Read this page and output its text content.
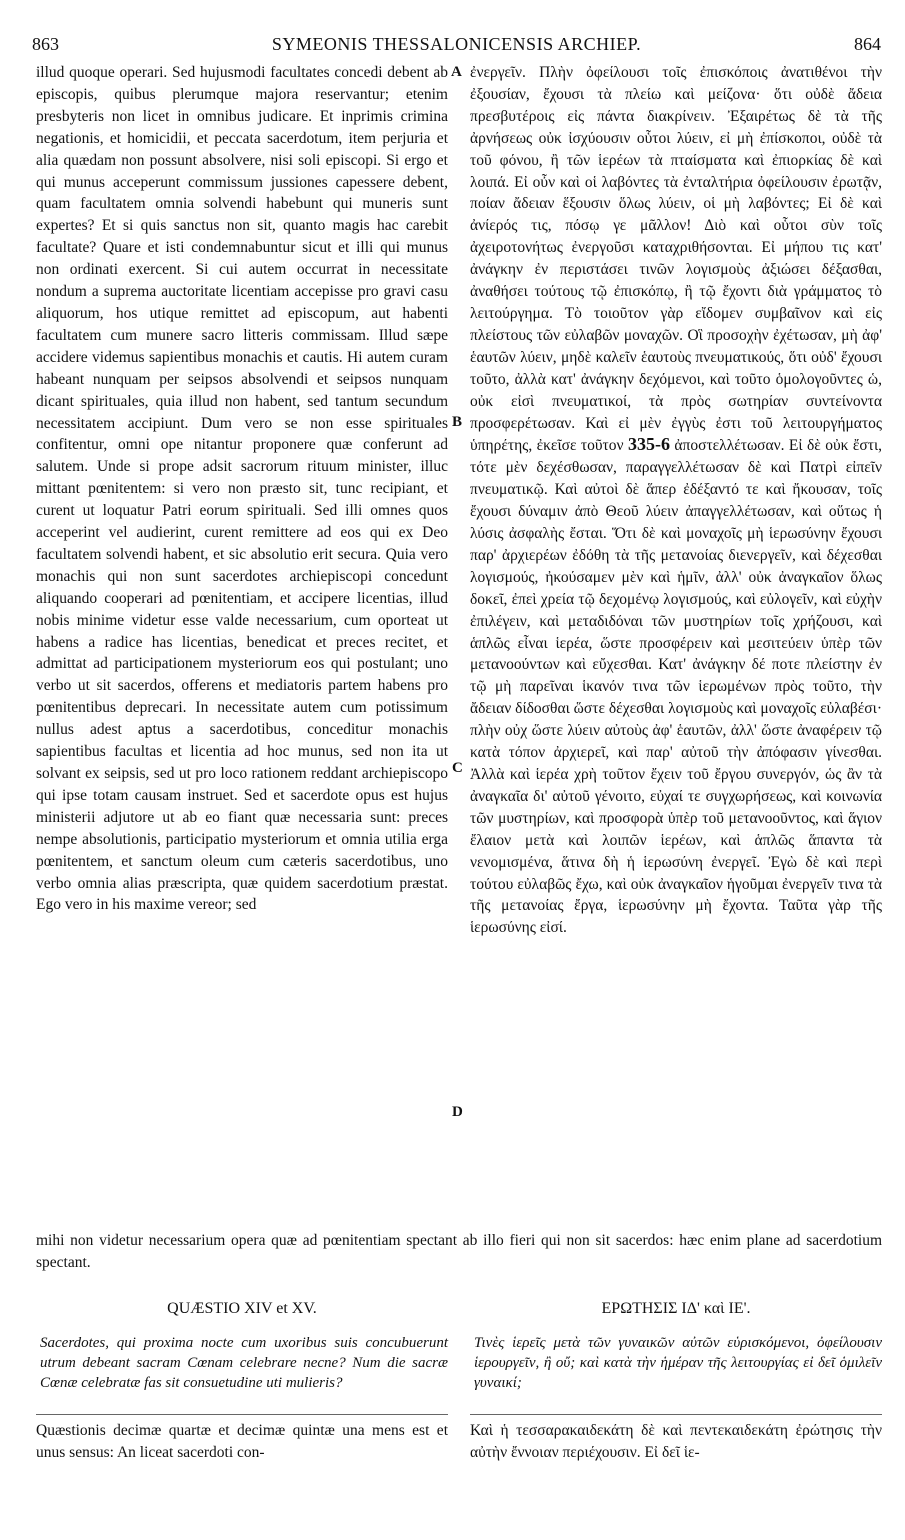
863	SYMEONIS THESSALONICENSIS ARCHIEP.	864

illud quoque operari. Sed hujusmodi facultates concedi debent ab episcopis, quibus plerumque majora reservantur; etenim presbyteris non licet in omnibus judicare. Et inprimis crimina negationis, et homicidii, et peccata sacerdotum, item perjuria et alia quædam non possunt absolvere, nisi soli episcopi. Si ergo et qui munus acceperunt commissum jussiones capessere debent, quam facultatem omnia solvendi habebunt qui muneris sunt expertes? Et si quis sanctus non sit, quanto magis hac carebit facultate? Quare et isti condemnabuntur sicut et illi qui munus non ordinati exercent. Si cui autem occurrat in necessitate nondum a suprema auctoritate licentiam accepisse pro gravi casu aliquorum, hos utique remittet ad episcopum, aut habenti facultatem cum munere sacro litteris commissam. Illud sæpe accidere videmus sapientibus monachis et cautis. Hi autem curam habeant nunquam per seipsos absolvendi et seipsos nunquam dicant spirituales, quia illud non habent, sed tantum secundum necessitatem accipiunt. Dum vero se non esse spirituales confitentur, omni ope nitantur proponere quæ conferunt ad salutem. Unde si prope adsit sacrorum rituum minister, illuc mittant pœnitentem: si vero non præsto sit, tunc recipiant, et curent ut loquatur Patri eorum spirituali. Sed illi omnes quos acceperint vel audierint, curent remittere ad eos qui ex Deo facultatem solvendi habent, et sic absolutio erit secura. Quia vero monachis qui non sunt sacerdotes archiepiscopi concedunt aliquando cooperari ad pœnitentiam, et accipere licentias, illud nobis minime videtur esse valde necessarium, cum oporteat ut habens a radice has licentias, benedicat et preces recitet, et admittat ad participationem mysteriorum eos qui postulant; uno verbo ut sit sacerdos, offerens et mediatoris partem habens pro pœnitentibus deprecari. In necessitate autem cum potissimum nullus adest aptus a sacerdotibus, conceditur monachis sapientibus facultas et licentia ad hoc munus, sed non ita ut solvant ex seipsis, sed ut pro loco rationem reddant archiepiscopo qui ipse totam causam instruet. Sed et sacerdote opus est hujus ministerii adjutore ut ab eo fiant quæ necessaria sunt: preces nempe absolutionis, participatio mysteriorum et omnia utilia erga pœnitentem, et sanctum oleum cum cæteris sacerdotibus, uno verbo omnia alias præscripta, quæ quidem sacerdotium præstat. Ego vero in his maxime vereor; sed

A
B
C
D

ἐνεργεῖν. Πλὴν ὀφείλουσι τοῖς ἐπισκόποις ἀνατιθένοι τὴν ἐξουσίαν, ἔχουσι τὰ πλείω καὶ μείζονα· ὅτι οὐδὲ ἄδεια πρεσβυτέροις εἰς πάντα διακρίνειν. Ἐξαιρέτως δὲ τὰ τῆς ἀρνήσεως οὐκ ἰσχύουσιν οὗτοι λύειν, εἰ μὴ ἐπίσκοποι, οὐδὲ τὰ τοῦ φόνου, ἢ τῶν ἱερέων τὰ πταίσματα καὶ ἐπιορκίας δὲ καὶ λοιπά. Εἰ οὖν καὶ οἱ λαβόντες τὰ ἐνταλτήρια ὀφείλουσιν ἐρωτᾷν, ποίαν ἄδειαν ἕξουσιν ὅλως λύειν, οἱ μὴ λαβόντες; Εἰ δὲ καὶ ἀνίερός τις, πόσῳ γε μᾶλλον! Διὸ καὶ οὗτοι σὺν τοῖς ἀχειροτονήτως ἐνεργοῦσι καταχριθήσονται. Εἰ μήπου τις κατ' ἀνάγκην ἐν περιστάσει τινῶν λογισμοὺς ἀξιώσει δέξασθαι, ἀναθήσει τούτους τῷ ἐπισκόπῳ, ἢ τῷ ἔχοντι διὰ γράμματος τὸ λειτούργημα. Τὸ τοιοῦτον γὰρ εἴδομεν συμβαῖνον καὶ εἰς πλείστους τῶν εὐλαβῶν μοναχῶν. Οἳ προσοχὴν ἐχέτωσαν, μὴ ἀφ' ἑαυτῶν λύειν, μηδὲ καλεῖν ἑαυτοὺς πνευματικούς, ὅτι οὐδ' ἔχουσι τοῦτο, ἀλλὰ κατ' ἀνάγκην δεχόμενοι, καὶ τοῦτο ὁμολογοῦντες ὡ, οὐκ εἰσὶ πνευματικοί, τὰ πρὸς σωτηρίαν συντείνοντα προσφερέτωσαν. Καὶ εἰ μὲν ἐγγὺς ἐστι τοῦ λειτουργήματος ὑπηρέτης, ἐκεῖσε τοῦτον 335-6 ἀποστελλέτωσαν. Εἰ δὲ οὐκ ἔστι, τότε μὲν δεχέσθωσαν, παραγγελλέτωσαν δὲ καὶ Πατρὶ εἰπεῖν πνευματικῷ. Καὶ αὐτοὶ δὲ ἅπερ ἐδέξαντό τε καὶ ἤκουσαν, τοῖς ἔχουσι δύναμιν ἀπὸ Θεοῦ λύειν ἀπαγγελλέτωσαν, καὶ οὕτως ἡ λύσις ἀσφαλὴς ἔσται. Ὅτι δὲ καὶ μοναχοῖς μὴ ἱερωσύνην ἔχουσι παρ' ἀρχιερέων ἐδόθη τὰ τῆς μετανοίας διενεργεῖν, καὶ δέχεσθαι λογισμούς, ἠκούσαμεν μὲν καὶ ἡμῖν, ἀλλ' οὐκ ἀναγκαῖον ὅλως δοκεῖ, ἐπεὶ χρεία τῷ δεχομένῳ λογισμούς, καὶ εὐλογεῖν, καὶ εὐχὴν ἐπιλέγειν, καὶ μεταδιδόναι τῶν μυστηρίων τοῖς χρήζουσι, καὶ ἁπλῶς εἶναι ἱερέα, ὥστε προσφέρειν καὶ μεσιτεύειν ὑπὲρ τῶν μετανοούντων καὶ εὔχεσθαι. Κατ' ἀνάγκην δέ ποτε πλείστην ἐν τῷ μὴ παρεῖναι ἱκανόν τινα τῶν ἱερωμένων πρὸς τοῦτο, τὴν ἄδειαν δίδοσθαι ὥστε δέχεσθαι λογισμοὺς καὶ μοναχοῖς εὐλαβέσι· πλὴν οὐχ ὥστε λύειν αὐτοὺς ἀφ' ἑαυτῶν, ἀλλ' ὥστε ἀναφέρειν τῷ κατὰ τόπον ἀρχιερεῖ, καὶ παρ' αὐτοῦ τὴν ἀπόφασιν γίνεσθαι. Ἀλλὰ καὶ ἱερέα χρὴ τοῦτον ἔχειν τοῦ ἔργου συνεργόν, ὡς ἂν τὰ ἀναγκαῖα δι' αὐτοῦ γένοιτο, εὐχαί τε συγχωρήσεως, καὶ κοινωνία τῶν μυστηρίων, καὶ προσφορὰ ὑπὲρ τοῦ μετανοοῦντος, καὶ ἅγιον ἔλαιον μετὰ καὶ λοιπῶν ἱερέων, καὶ ἁπλῶς ἅπαντα τὰ νενομισμένα, ἅτινα δὴ ἡ ἱερωσύνη ἐνεργεῖ. Ἐγὼ δὲ καὶ περὶ τούτου εὐλαβῶς ἔχω, καὶ οὐκ ἀναγκαῖον ἡγοῦμαι ἐνεργεῖν τινα τὰ τῆς μετανοίας ἔργα, ἱερωσύνην μὴ ἔχοντα. Ταῦτα γὰρ τῆς ἱερωσύνης εἰσί.

mihi non videtur necessarium opera quæ ad pœnitentiam spectant ab illo fieri qui non sit sacerdos: hæc enim plane ad sacerdotium spectant.
QUÆSTIO XIV et XV.	ΕΡΩΤΗΣΙΣ ΙΔ' καὶ ΙΕ'.
Sacerdotes, qui proxima nocte cum uxoribus suis concubuerunt utrum debeant sacram Cœnam celebrare necne? Num die sacræ Cœnæ celebratæ fas sit consuetudine uti mulieris?
Τινὲς ἱερεῖς μετὰ τῶν γυναικῶν αὐτῶν εὑρισκόμενοι, ὀφείλουσιν ἱερουργεῖν, ἢ οὔ; καὶ κατὰ τὴν ἡμέραν τῆς λειτουργίας εἰ δεῖ ὁμιλεῖν γυναικί;
Quæstionis decimæ quartæ et decimæ quintæ una mens est et unus sensus: An liceat sacerdoti con-
Καὶ ἡ τεσσαρακαιδεκάτη δὲ καὶ πεντεκαιδεκάτη ἐρώτησις τὴν αὐτὴν ἔννοιαν περιέχουσιν. Εἰ δεῖ ἱε-
